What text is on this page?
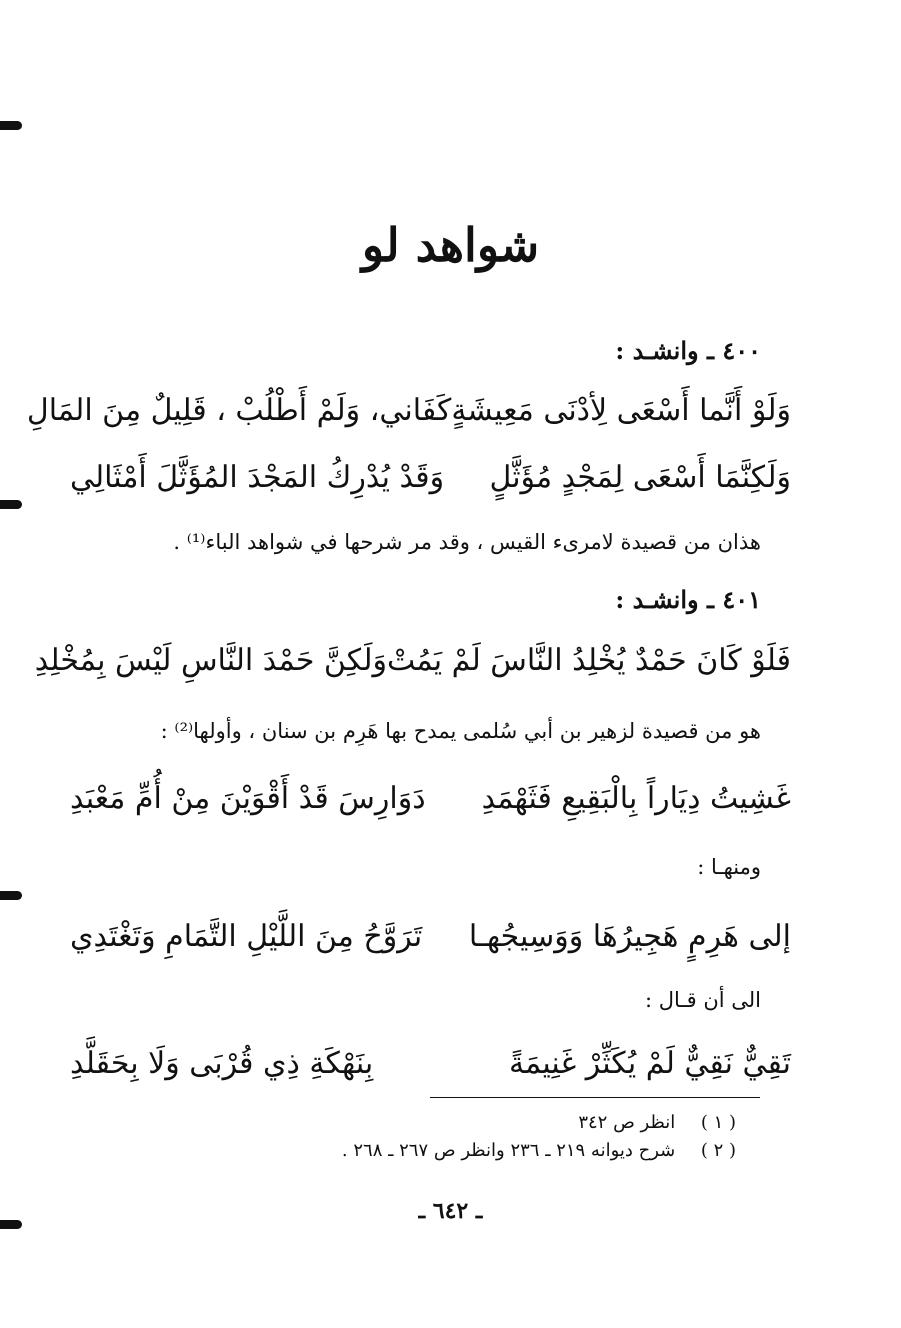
شواهد لو
٤٠٠ ـ وانشـد :
وَلَوْ أَنَّما أَسْعَى لِأدْنَى مَعِيشَةٍ
كَفَاني، وَلَمْ أَطْلُبْ ، قَلِيلٌ مِنَ المَالِ
وَلَكِنَّمَا أَسْعَى لِمَجْدٍ مُؤَثَّلٍ
وَقَدْ يُدْرِكُ المَجْدَ المُؤَثَّلَ أَمْثَالِي
هذان من قصيدة لامرىء القيس ، وقد مر شرحها في شواهد الباء⁽¹⁾ .
٤٠١ ـ وانشـد :
فَلَوْ كَانَ حَمْدٌ يُخْلِدُ النَّاسَ لَمْ يَمُتْ
وَلَكِنَّ حَمْدَ النَّاسِ لَيْسَ بِمُخْلِدِ
هو من قصيدة لزهير بن أبي سُلمى يمدح بها هَرِم بن سنان ، وأولها⁽²⁾ :
غَشِيتُ دِيَاراً بِالْبَقِيعِ فَثَهْمَدِ
دَوَارِسَ قَدْ أَقْوَيْنَ مِنْ أُمِّ مَعْبَدِ
ومنهـا :
إلى هَرِمٍ هَجِيرُهَا وَوَسِيجُهـا
تَرَوَّحُ مِنَ اللَّيْلِ التَّمَامِ وَتَغْتَدِي
الى أن قـال :
تَقِيٌّ نَقِيٌّ لَمْ يُكَثِّرْ غَنِيمَةً
بِنَهْكَةِ ذِي قُرْبَى وَلَا بِحَقَلَّدِ
( ١ ) انظر ص ٣٤٢
( ٢ ) شرح ديوانه ٢١٩ ـ ٢٣٦ وانظر ص ٢٦٧ ـ ٢٦٨ .
ـ ٦٤٢ ـ
